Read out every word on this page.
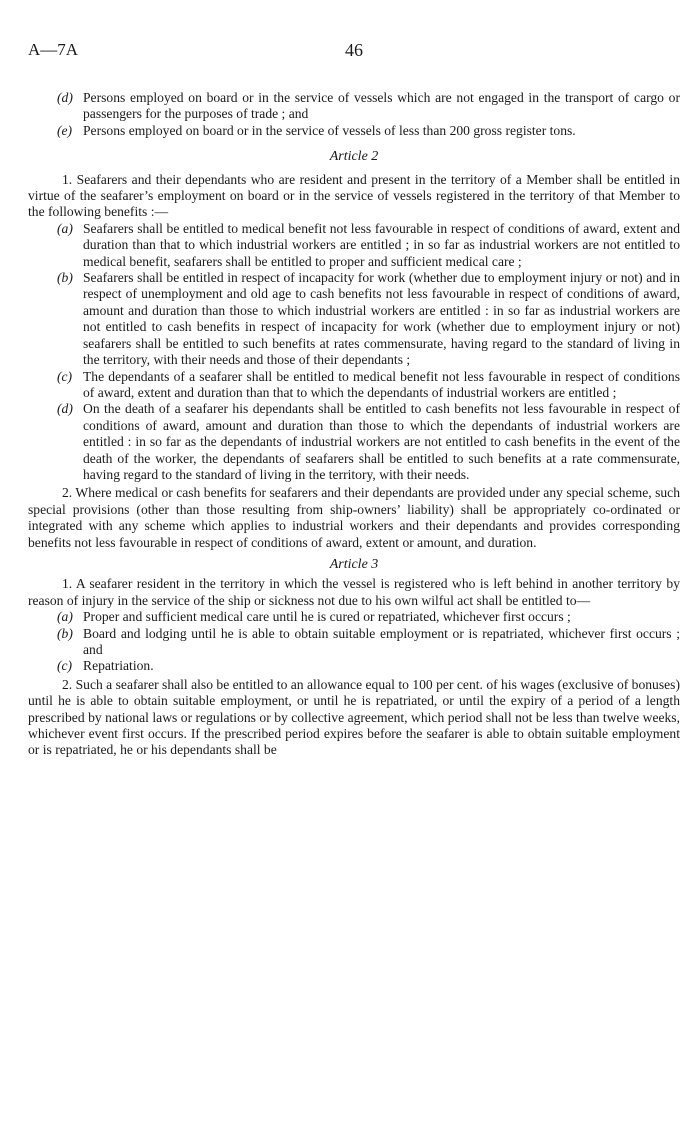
A—7A	46

(d) Persons employed on board or in the service of vessels which are not engaged in the transport of cargo or passengers for the purposes of trade ; and

(e) Persons employed on board or in the service of vessels of less than 200 gross register tons.

Article 2

1. Seafarers and their dependants who are resident and present in the territory of a Member shall be entitled in virtue of the seafarer’s employment on board or in the service of vessels registered in the territory of that Member to the following benefits :—

(a) Seafarers shall be entitled to medical benefit not less favourable in respect of conditions of award, extent and duration than that to which industrial workers are entitled ; in so far as industrial workers are not entitled to medical benefit, seafarers shall be entitled to proper and sufficient medical care ;

(b) Seafarers shall be entitled in respect of incapacity for work (whether due to employment injury or not) and in respect of unemployment and old age to cash benefits not less favourable in respect of conditions of award, amount and duration than those to which industrial workers are entitled : in so far as industrial workers are not entitled to cash benefits in respect of incapacity for work (whether due to employment injury or not) seafarers shall be entitled to such benefits at rates commensurate, having regard to the standard of living in the territory, with their needs and those of their dependants ;

(c) The dependants of a seafarer shall be entitled to medical benefit not less favourable in respect of conditions of award, extent and duration than that to which the dependants of industrial workers are entitled ;

(d) On the death of a seafarer his dependants shall be entitled to cash benefits not less favourable in respect of conditions of award, amount and duration than those to which the dependants of industrial workers are entitled : in so far as the dependants of industrial workers are not entitled to cash benefits in the event of the death of the worker, the dependants of seafarers shall be entitled to such benefits at a rate commensurate, having regard to the standard of living in the territory, with their needs.

2. Where medical or cash benefits for seafarers and their dependants are provided under any special scheme, such special provisions (other than those resulting from ship-owners’ liability) shall be appropriately co-ordinated or integrated with any scheme which applies to industrial workers and their dependants and provides corresponding benefits not less favourable in respect of conditions of award, extent or amount, and duration.

Article 3

1. A seafarer resident in the territory in which the vessel is registered who is left behind in another territory by reason of injury in the service of the ship or sickness not due to his own wilful act shall be entitled to—

(a) Proper and sufficient medical care until he is cured or repatriated, whichever first occurs ;

(b) Board and lodging until he is able to obtain suitable employment or is repatriated, whichever first occurs ; and

(c) Repatriation.

2. Such a seafarer shall also be entitled to an allowance equal to 100 per cent. of his wages (exclusive of bonuses) until he is able to obtain suitable employment, or until he is repatriated, or until the expiry of a period of a length prescribed by national laws or regulations or by collective agreement, which period shall not be less than twelve weeks, whichever event first occurs. If the prescribed period expires before the seafarer is able to obtain suitable employment or is repatriated, he or his dependants shall be
